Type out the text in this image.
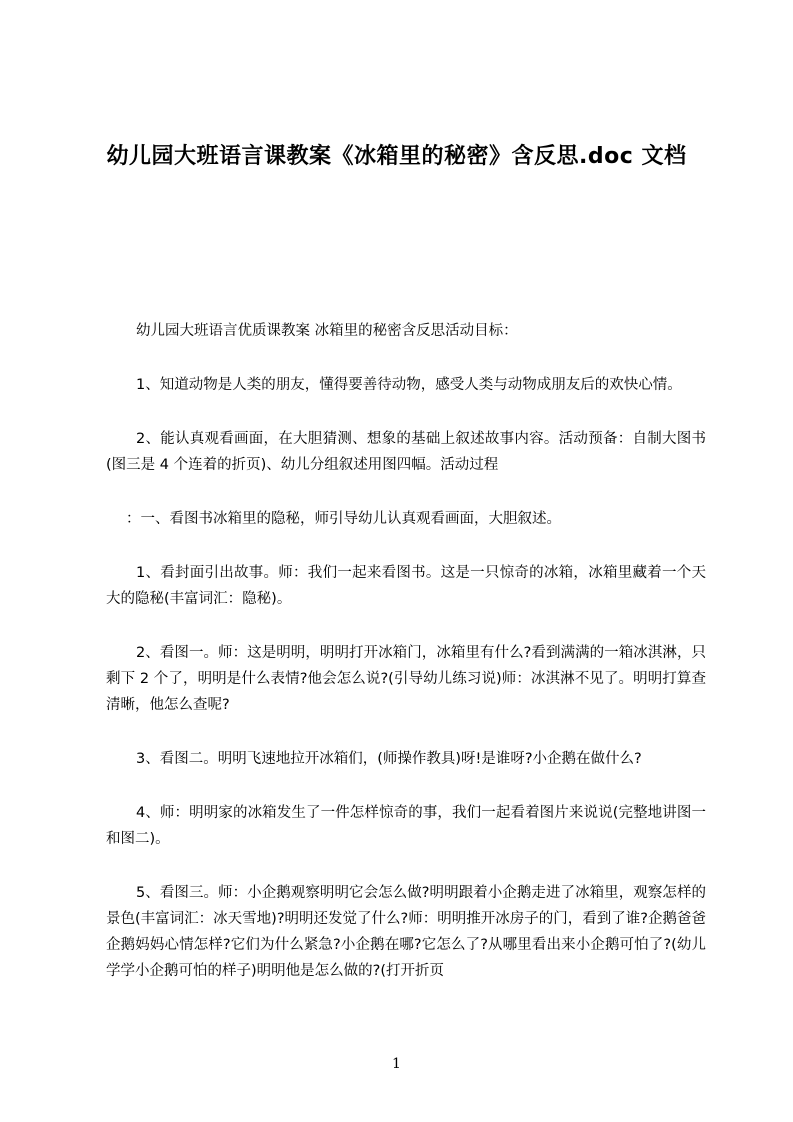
幼儿园大班语言课教案《冰箱里的秘密》含反思.doc 文档

幼儿园大班语言优质课教案 冰箱里的秘密含反思活动目标：

1、知道动物是人类的朋友，懂得要善待动物，感受人类与动物成朋友后的欢快心情。

2、能认真观看画面，在大胆猜测、想象的基础上叙述故事内容。活动预备：自制大图书(图三是 4 个连着的折页)、幼儿分组叙述用图四幅。活动过程

：一、看图书冰箱里的隐秘，师引导幼儿认真观看画面，大胆叙述。

1、看封面引出故事。师：我们一起来看图书。这是一只惊奇的冰箱，冰箱里藏着一个天大的隐秘(丰富词汇：隐秘)。

2、看图一。师：这是明明，明明打开冰箱门，冰箱里有什么?看到满满的一箱冰淇淋，只剩下 2 个了，明明是什么表情?他会怎么说?(引导幼儿练习说)师：冰淇淋不见了。明明打算查清晰，他怎么查呢?

3、看图二。明明飞速地拉开冰箱们，(师操作教具)呀!是谁呀?小企鹅在做什么?

4、师：明明家的冰箱发生了一件怎样惊奇的事，我们一起看着图片来说说(完整地讲图一和图二)。

5、看图三。师：小企鹅观察明明它会怎么做?明明跟着小企鹅走进了冰箱里，观察怎样的景色(丰富词汇：冰天雪地)?明明还发觉了什么?师：明明推开冰房子的门，看到了谁?企鹅爸爸企鹅妈妈心情怎样?它们为什么紧急?小企鹅在哪?它怎么了?从哪里看出来小企鹅可怕了?(幼儿学学小企鹅可怕的样子)明明他是怎么做的?(打开折页

1
